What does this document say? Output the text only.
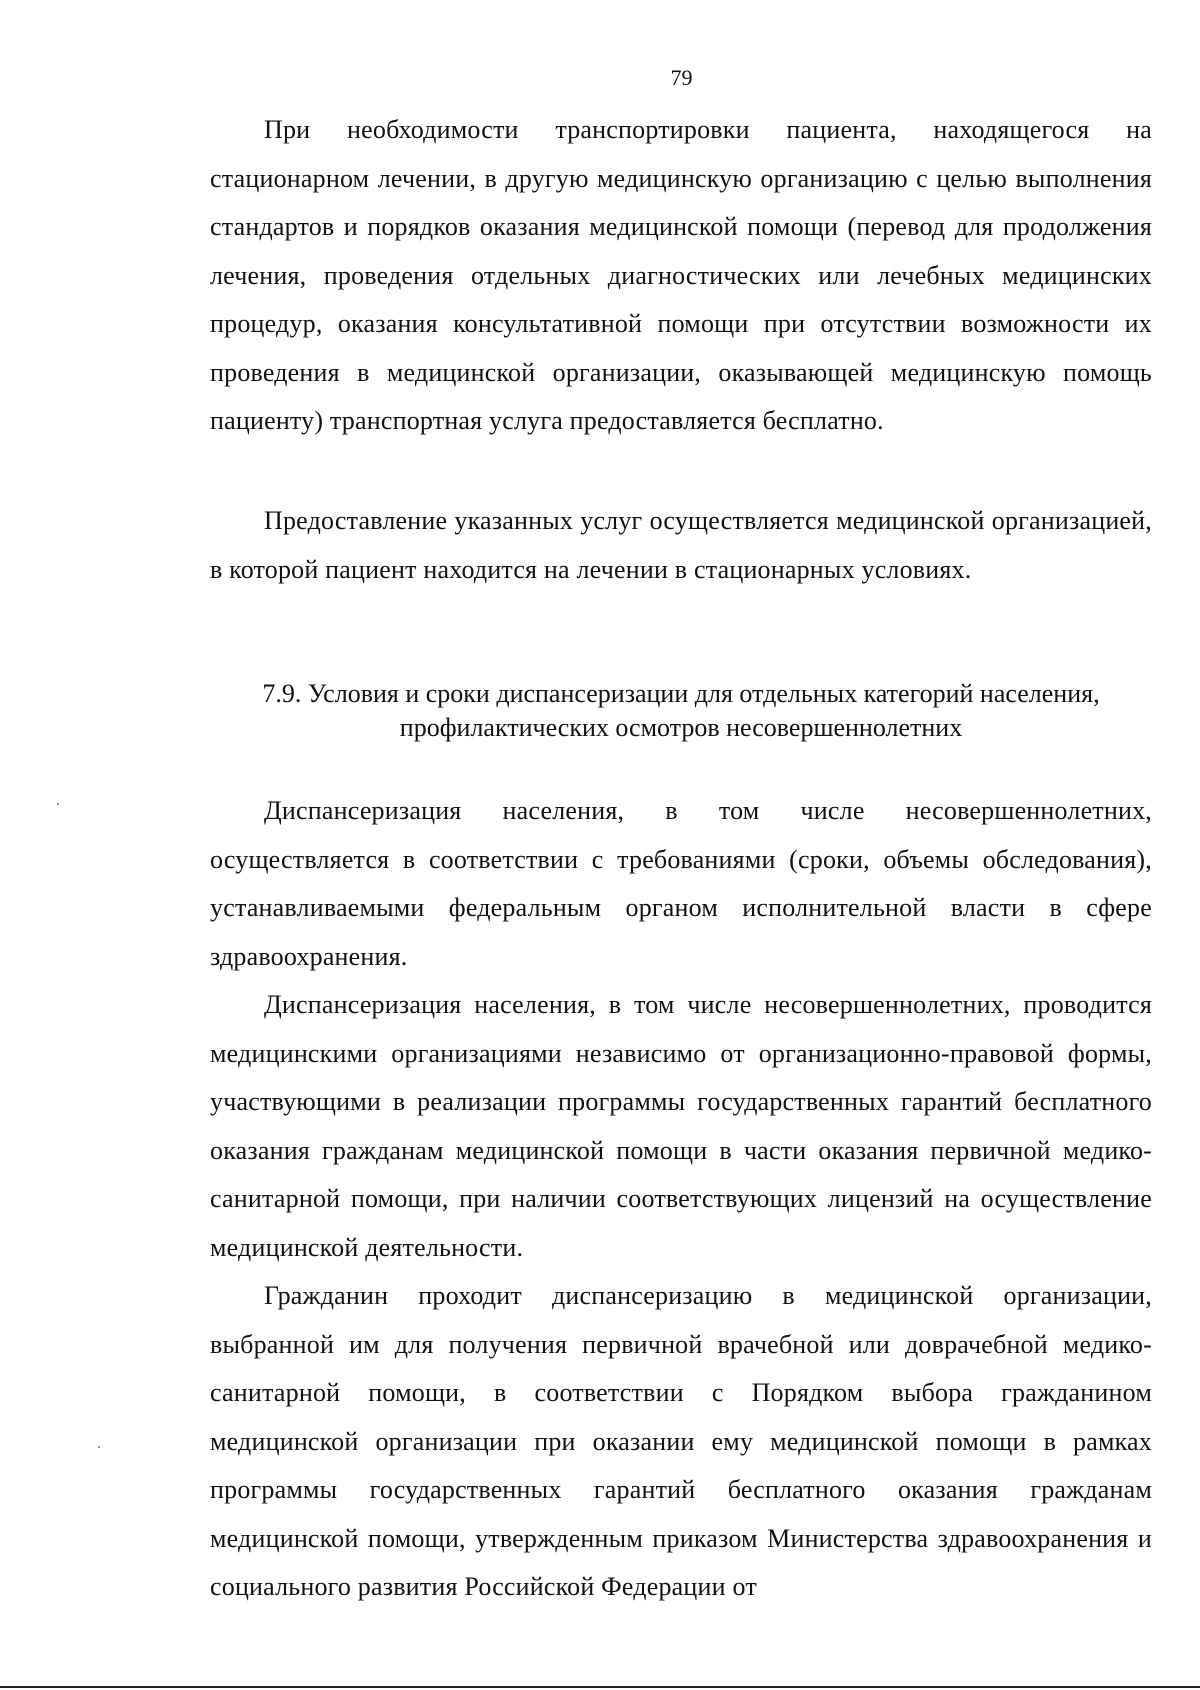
79

При необходимости транспортировки пациента, находящегося на стационарном лечении, в другую медицинскую организацию с целью выполнения стандартов и порядков оказания медицинской помощи (перевод для продолжения лечения, проведения отдельных диагностических или лечебных медицинских процедур, оказания консультативной помощи при отсутствии возможности их проведения в медицинской организации, оказывающей медицинскую помощь пациенту) транспортная услуга предоставляется бесплатно.

Предоставление указанных услуг осуществляется медицинской организацией, в которой пациент находится на лечении в стационарных условиях.

7.9. Условия и сроки диспансеризации для отдельных категорий населения,
профилактических осмотров несовершеннолетних

Диспансеризация населения, в том числе несовершеннолетних, осуществляется в соответствии с требованиями (сроки, объемы обследования), устанавливаемыми федеральным органом исполнительной власти в сфере здравоохранения.

Диспансеризация населения, в том числе несовершеннолетних, проводится медицинскими организациями независимо от организационно-правовой формы, участвующими в реализации программы государственных гарантий бесплатного оказания гражданам медицинской помощи в части оказания первичной медико-санитарной помощи, при наличии соответствующих лицензий на осуществление медицинской деятельности.

Гражданин проходит диспансеризацию в медицинской организации, выбранной им для получения первичной врачебной или доврачебной медико-санитарной помощи, в соответствии с Порядком выбора гражданином медицинской организации при оказании ему медицинской помощи в рамках программы государственных гарантий бесплатного оказания гражданам медицинской помощи, утвержденным приказом Министерства здравоохранения и социального развития Российской Федерации от
